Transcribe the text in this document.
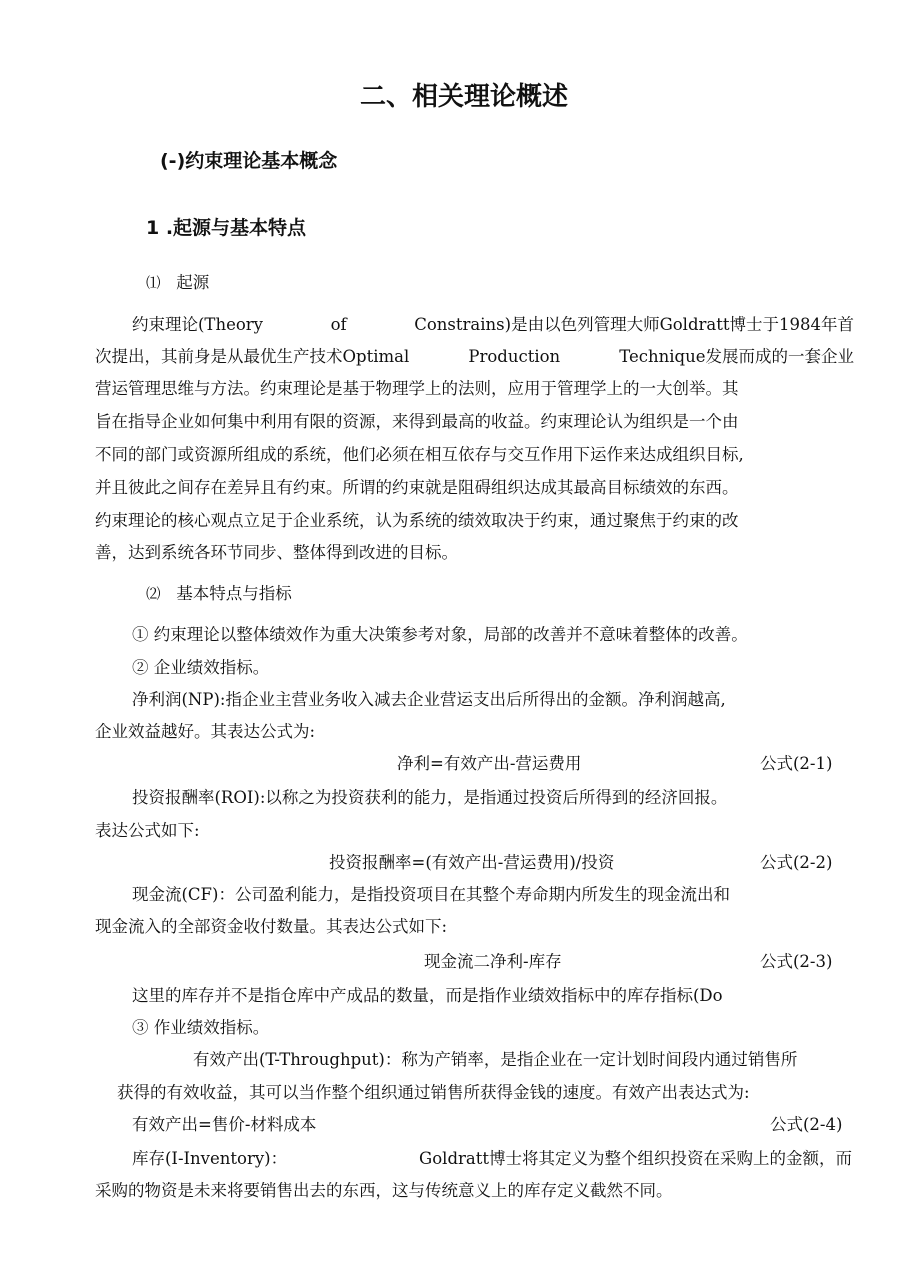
二、相关理论概述
(-)约束理论基本概念
1 .起源与基本特点
⑴ 起源
约束理论(Theory	of	Constrains)是由以色列管理大师Goldratt博士于1984年首
次提出，其前身是从最优生产技术Optimal	Production	Technique发展而成的一套企业
营运管理思维与方法。约束理论是基于物理学上的法则，应用于管理学上的一大创举。其
旨在指导企业如何集中利用有限的资源，来得到最高的收益。约束理论认为组织是一个由
不同的部门或资源所组成的系统，他们必须在相互依存与交互作用下运作来达成组织目标,
并且彼此之间存在差异且有约束。所谓的约束就是阻碍组织达成其最高目标绩效的东西。
约束理论的核心观点立足于企业系统，认为系统的绩效取决于约束，通过聚焦于约束的改
善，达到系统各环节同步、整体得到改进的目标。
⑵ 基本特点与指标
① 约束理论以整体绩效作为重大决策参考对象，局部的改善并不意味着整体的改善。
② 企业绩效指标。
净利润(NP):指企业主营业务收入减去企业营运支出后所得出的金额。净利润越高,
企业效益越好。其表达公式为:
净利=有效产出-营运费用	公式(2-1)
投资报酬率(ROI):以称之为投资获利的能力，是指通过投资后所得到的经济回报。
表达公式如下:
投资报酬率=(有效产出-营运费用)/投资	公式(2-2)
现金流(CF)：公司盈利能力，是指投资项目在其整个寿命期内所发生的现金流出和
现金流入的全部资金收付数量。其表达公式如下:
现金流二净利-库存	公式(2-3)
这里的库存并不是指仓库中产成品的数量，而是指作业绩效指标中的库存指标(Do
③ 作业绩效指标。
有效产出(T-Throughput)：称为产销率，是指企业在一定计划时间段内通过销售所
获得的有效收益，其可以当作整个组织通过销售所获得金钱的速度。有效产出表达式为:
有效产出=售价-材料成本	公式(2-4)
库存(I-Inventory)：	Goldratt博士将其定义为整个组织投资在采购上的金额，而
采购的物资是未来将要销售出去的东西，这与传统意义上的库存定义截然不同。
